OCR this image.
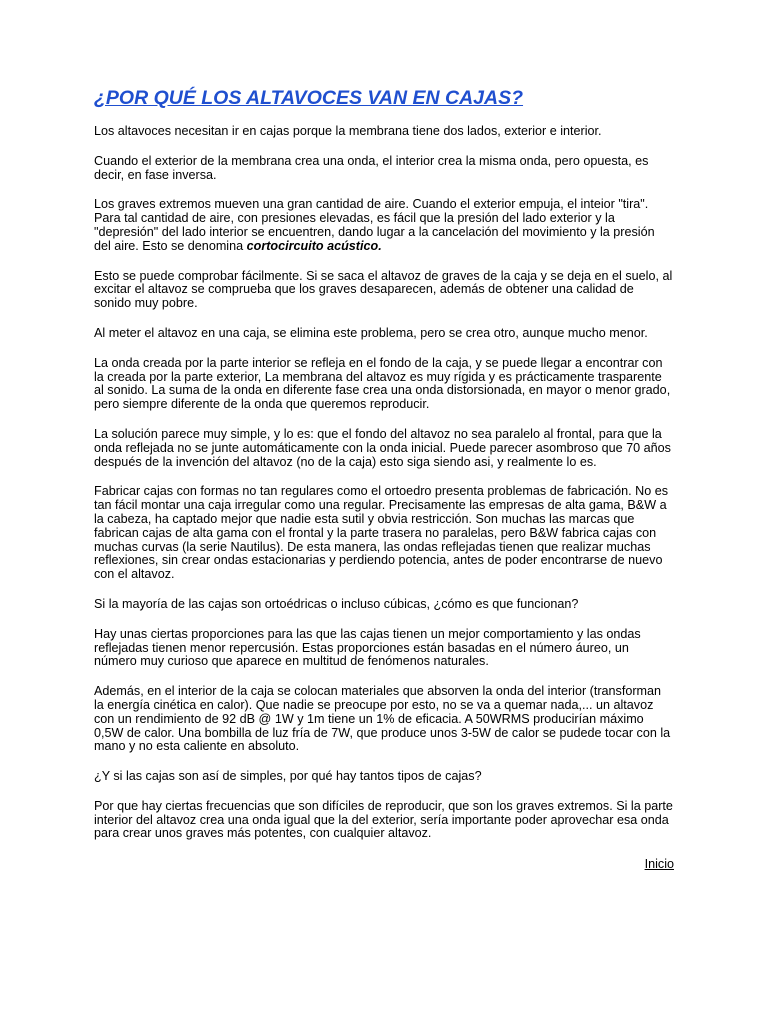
¿POR QUÉ LOS ALTAVOCES VAN EN CAJAS?

Los altavoces necesitan ir en cajas porque la membrana tiene dos lados, exterior e interior.

Cuando el exterior de la membrana crea una onda, el interior crea la misma onda, pero opuesta, es decir, en fase inversa.

Los graves extremos mueven una gran cantidad de aire. Cuando el exterior empuja, el inteior "tira". Para tal cantidad de aire, con presiones elevadas, es fácil que la presión del lado exterior y la "depresión" del lado interior se encuentren, dando lugar a la cancelación del movimiento y la presión del aire. Esto se denomina cortocircuito acústico.

Esto se puede comprobar fácilmente. Si se saca el altavoz de graves de la caja y se deja en el suelo, al excitar el altavoz se comprueba que los graves desaparecen, además de obtener una calidad de sonido muy pobre.

Al meter el altavoz en una caja, se elimina este problema, pero se crea otro, aunque mucho menor.

La onda creada por la parte interior se refleja en el fondo de la caja, y se puede llegar a encontrar con la creada por la parte exterior, La membrana del altavoz es muy rígida y es prácticamente trasparente al sonido. La suma de la onda en diferente fase crea una onda distorsionada, en mayor o menor grado, pero siempre diferente de la onda que queremos reproducir.

La solución parece muy simple, y lo es: que el fondo del altavoz no sea paralelo al frontal, para que la onda reflejada no se junte automáticamente con la onda inicial. Puede parecer asombroso que 70 años después de la invención del altavoz (no de la caja) esto siga siendo asi, y realmente lo es.

Fabricar cajas con formas no tan regulares como el ortoedro presenta problemas de fabricación. No es tan fácil montar una caja irregular como una regular. Precisamente las empresas de alta gama, B&W a la cabeza, ha captado mejor que nadie esta sutil y obvia restricción. Son muchas las marcas que fabrican cajas de alta gama con el frontal y la parte trasera no paralelas, pero B&W fabrica cajas con muchas curvas (la serie Nautilus). De esta manera, las ondas reflejadas tienen que realizar muchas reflexiones, sin crear ondas estacionarias y perdiendo potencia, antes de poder encontrarse de nuevo con el altavoz.

Si la mayoría de las cajas son ortoédricas o incluso cúbicas, ¿cómo es que funcionan?

Hay unas ciertas proporciones para las que las cajas tienen un mejor comportamiento y las ondas reflejadas tienen menor repercusión. Estas proporciones están basadas en el número áureo, un número muy curioso que aparece en multitud de fenómenos naturales.

Además, en el interior de la caja se colocan materiales que absorven la onda del interior (transforman la energía cinética en calor). Que nadie se preocupe por esto, no se va a quemar nada,... un altavoz con un rendimiento de 92 dB @ 1W y 1m tiene un 1% de eficacia. A 50WRMS producirían máximo 0,5W de calor. Una bombilla de luz fría de 7W, que produce unos 3-5W de calor se pudede tocar con la mano y no esta caliente en absoluto.

¿Y si las cajas son así de simples, por qué hay tantos tipos de cajas?

Por que hay ciertas frecuencias que son difíciles de reproducir, que son los graves extremos. Si la parte interior del altavoz crea una onda igual que la del exterior, sería importante poder aprovechar esa onda para crear unos graves más potentes, con cualquier altavoz.

Inicio
